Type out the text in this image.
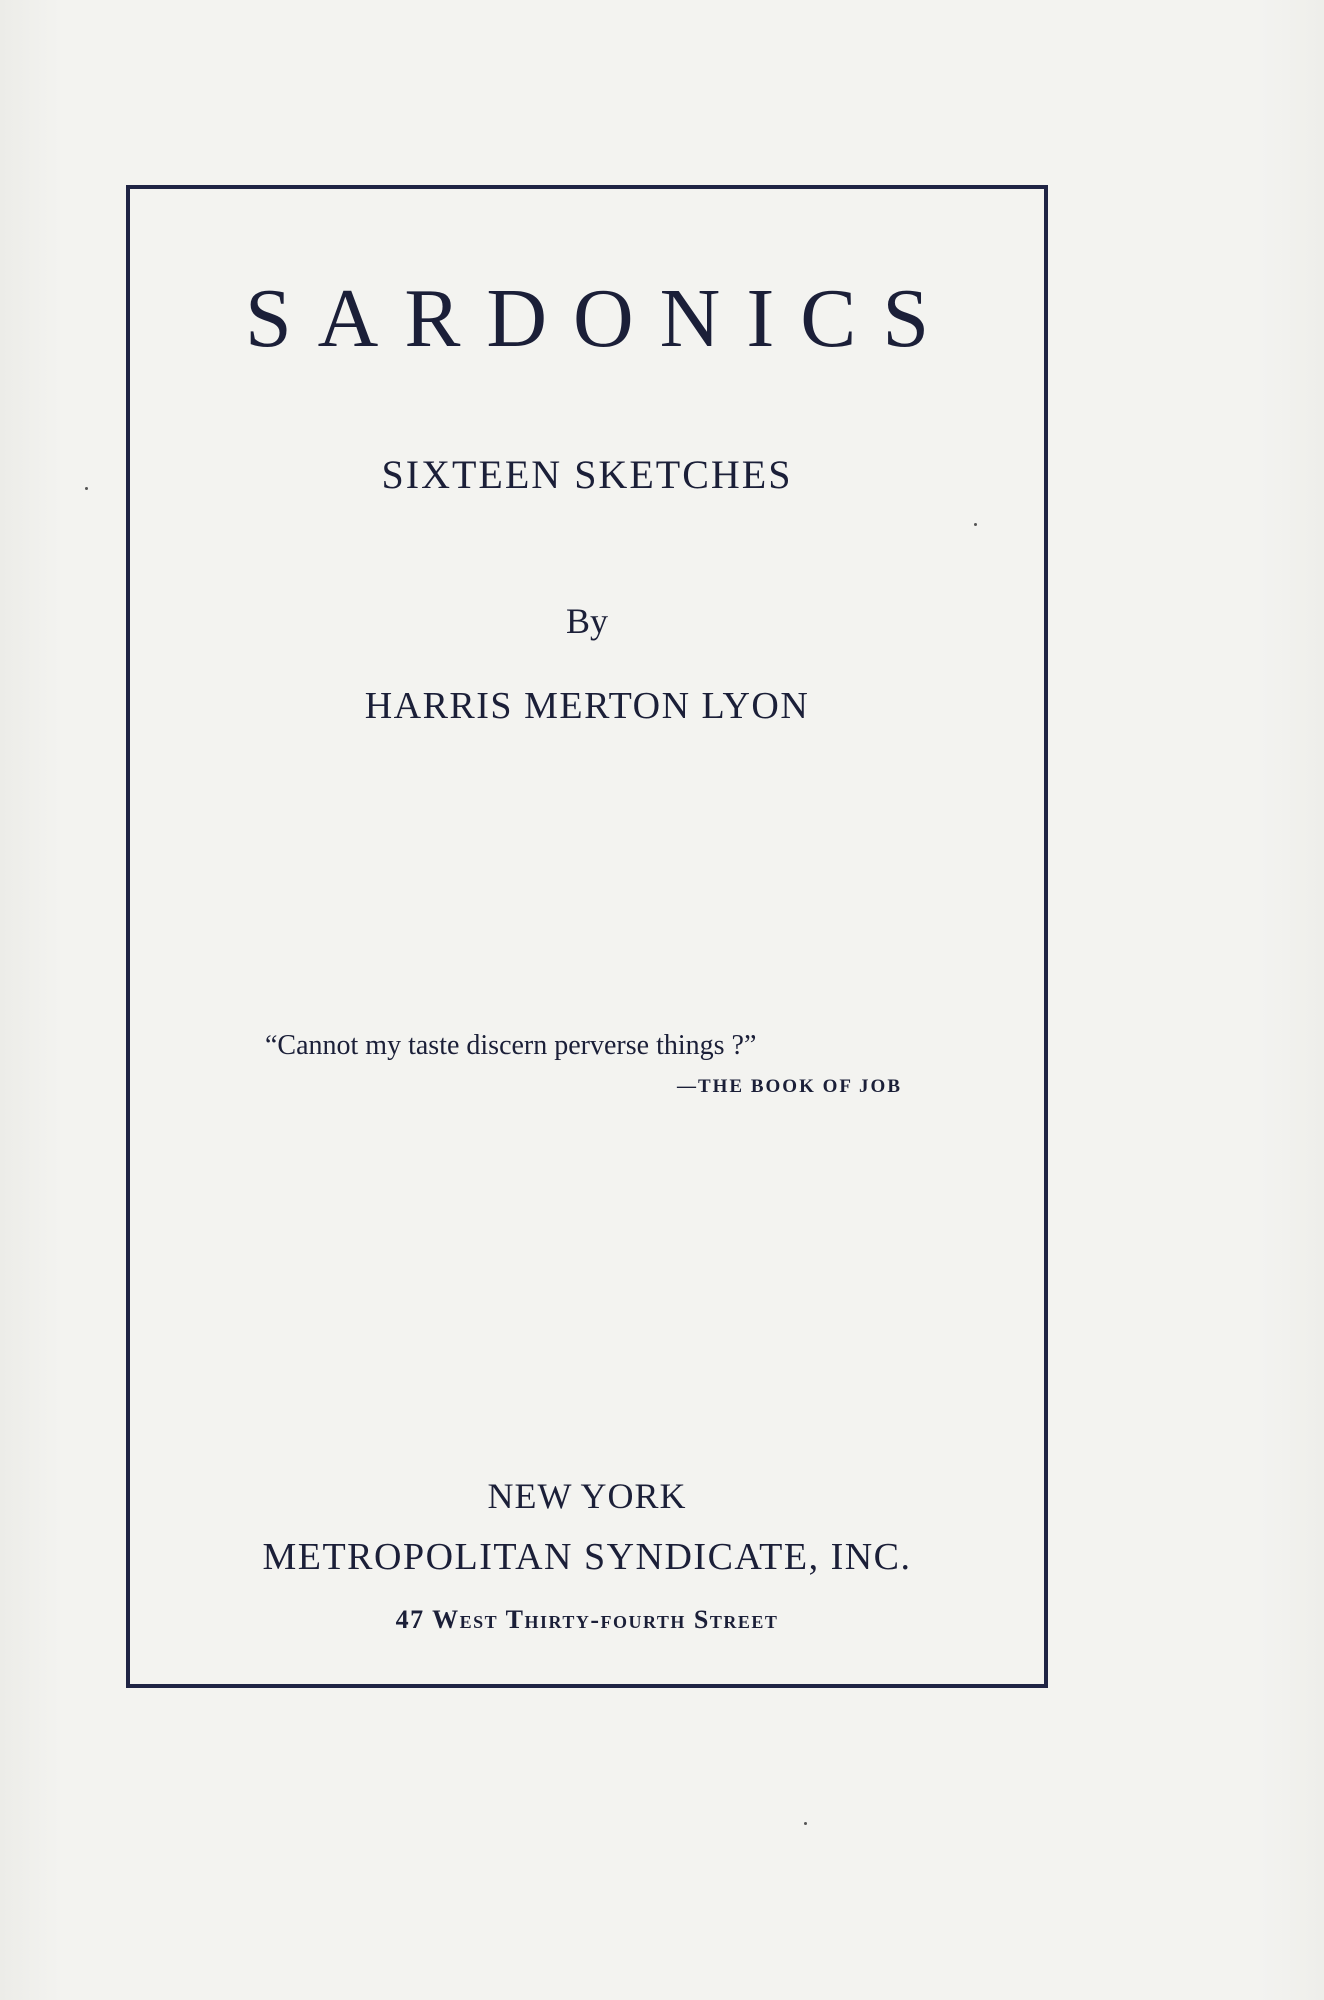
SARDONICS
SIXTEEN SKETCHES
By
HARRIS MERTON LYON
“Cannot my taste discern perverse things ?”
—THE BOOK OF JOB
NEW YORK
METROPOLITAN SYNDICATE, INC.
47 West Thirty-fourth Street
